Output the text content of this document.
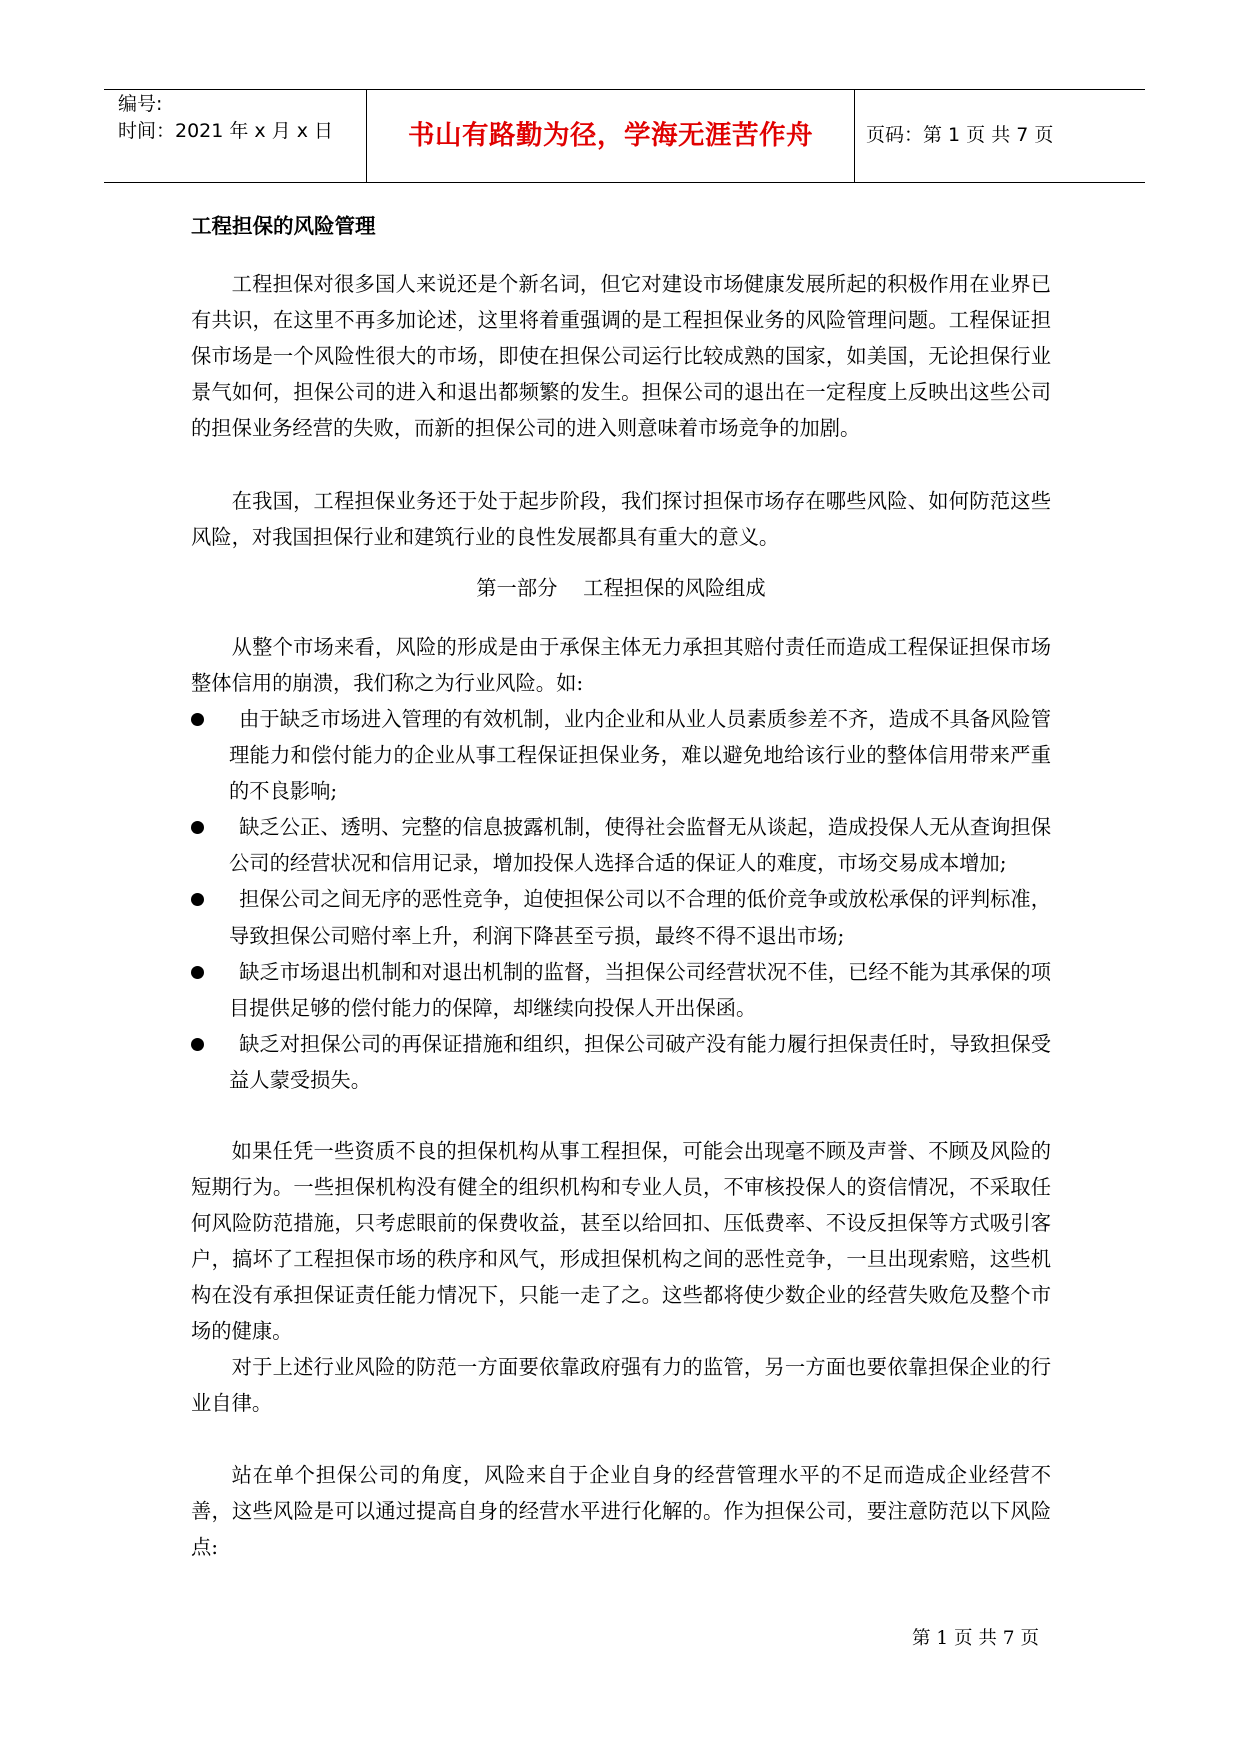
编号:
时间：2021 年 x 月 x 日	书山有路勤为径，学海无涯苦作舟	页码：第 1 页 共 7 页
工程担保的风险管理

工程担保对很多国人来说还是个新名词，但它对建设市场健康发展所起的积极作用在业界已有共识，在这里不再多加论述，这里将着重强调的是工程担保业务的风险管理问题。工程保证担保市场是一个风险性很大的市场，即使在担保公司运行比较成熟的国家，如美国，无论担保行业景气如何，担保公司的进入和退出都频繁的发生。担保公司的退出在一定程度上反映出这些公司的担保业务经营的失败，而新的担保公司的进入则意味着市场竞争的加剧。

在我国，工程担保业务还于处于起步阶段，我们探讨担保市场存在哪些风险、如何防范这些风险，对我国担保行业和建筑行业的良性发展都具有重大的意义。

第一部分    工程担保的风险组成

从整个市场来看，风险的形成是由于承保主体无力承担其赔付责任而造成工程保证担保市场整体信用的崩溃，我们称之为行业风险。如:

由于缺乏市场进入管理的有效机制，业内企业和从业人员素质参差不齐，造成不具备风险管理能力和偿付能力的企业从事工程保证担保业务，难以避免地给该行业的整体信用带来严重的不良影响;
缺乏公正、透明、完整的信息披露机制，使得社会监督无从谈起，造成投保人无从查询担保公司的经营状况和信用记录，增加投保人选择合适的保证人的难度，市场交易成本增加;
担保公司之间无序的恶性竞争，迫使担保公司以不合理的低价竞争或放松承保的评判标准，导致担保公司赔付率上升，利润下降甚至亏损，最终不得不退出市场;
缺乏市场退出机制和对退出机制的监督，当担保公司经营状况不佳，已经不能为其承保的项目提供足够的偿付能力的保障，却继续向投保人开出保函。
缺乏对担保公司的再保证措施和组织，担保公司破产没有能力履行担保责任时，导致担保受益人蒙受损失。

如果任凭一些资质不良的担保机构从事工程担保，可能会出现毫不顾及声誉、不顾及风险的短期行为。一些担保机构没有健全的组织机构和专业人员，不审核投保人的资信情况，不采取任何风险防范措施，只考虑眼前的保费收益，甚至以给回扣、压低费率、不设反担保等方式吸引客户，搞坏了工程担保市场的秩序和风气，形成担保机构之间的恶性竞争，一旦出现索赔，这些机构在没有承担保证责任能力情况下，只能一走了之。这些都将使少数企业的经营失败危及整个市场的健康。

对于上述行业风险的防范一方面要依靠政府强有力的监管，另一方面也要依靠担保企业的行业自律。

站在单个担保公司的角度，风险来自于企业自身的经营管理水平的不足而造成企业经营不善，这些风险是可以通过提高自身的经营水平进行化解的。作为担保公司，要注意防范以下风险点:

第 1 页 共 7 页
